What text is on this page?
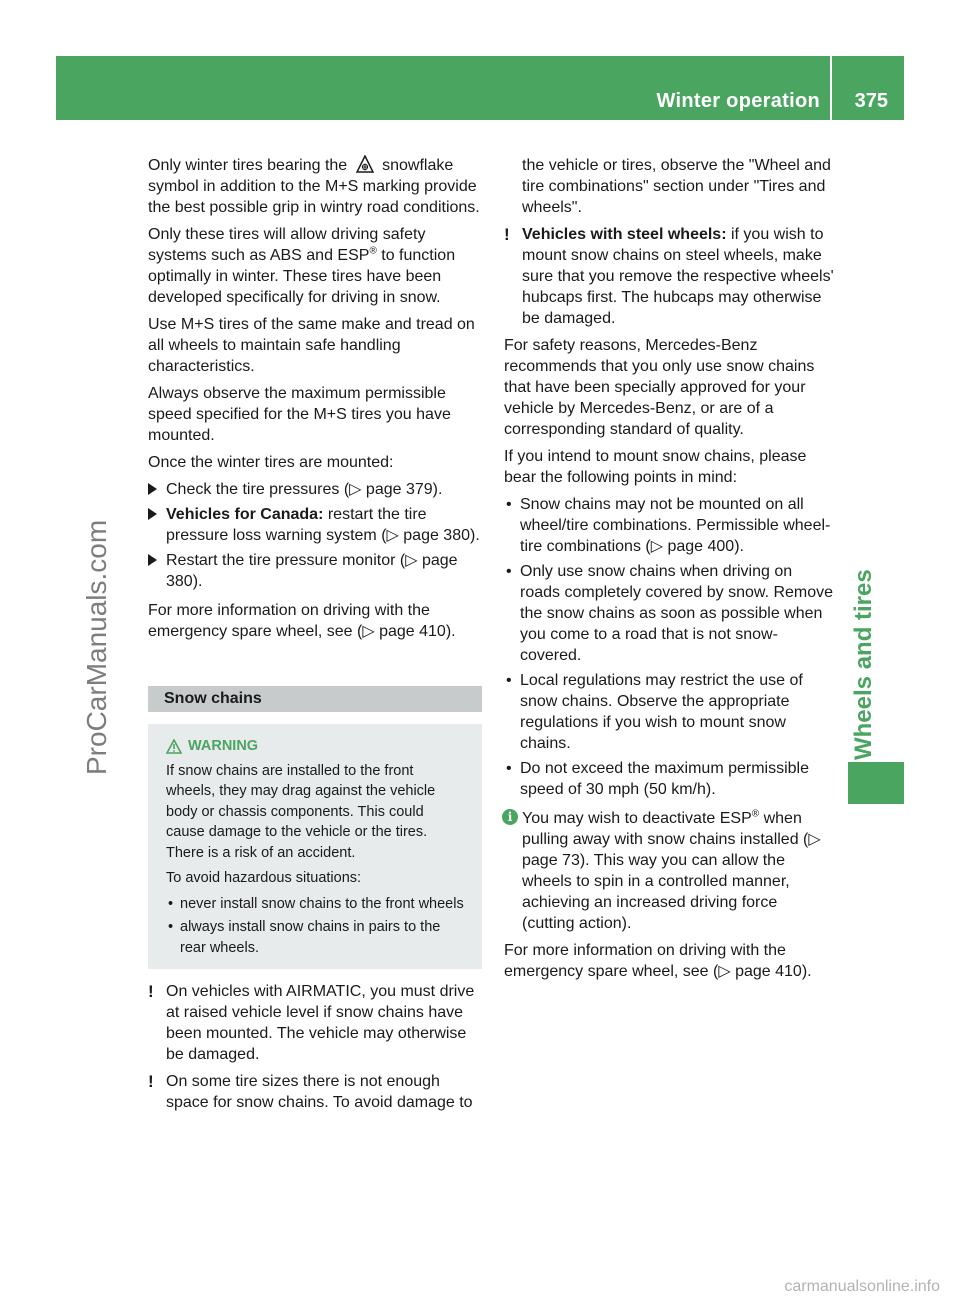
Winter operation 375
Wheels and tires
ProCarManuals.com

Only winter tires bearing the snowflake symbol in addition to the M+S marking provide the best possible grip in wintry road conditions.

Only these tires will allow driving safety systems such as ABS and ESP® to function optimally in winter. These tires have been developed specifically for driving in snow.

Use M+S tires of the same make and tread on all wheels to maintain safe handling characteristics.

Always observe the maximum permissible speed specified for the M+S tires you have mounted.

Once the winter tires are mounted:

Check the tire pressures (▷ page 379).
Vehicles for Canada: restart the tire pressure loss warning system (▷ page 380).
Restart the tire pressure monitor (▷ page 380).

For more information on driving with the emergency spare wheel, see (▷ page 410).

Snow chains
WARNING

If snow chains are installed to the front wheels, they may drag against the vehicle body or chassis components. This could cause damage to the vehicle or the tires. There is a risk of an accident.

To avoid hazardous situations:

• never install snow chains to the front wheels
• always install snow chains in pairs to the rear wheels.
! On vehicles with AIRMATIC, you must drive at raised vehicle level if snow chains have been mounted. The vehicle may otherwise be damaged.
! On some tire sizes there is not enough space for snow chains. To avoid damage to

the vehicle or tires, observe the "Wheel and tire combinations" section under "Tires and wheels".

! Vehicles with steel wheels: if you wish to mount snow chains on steel wheels, make sure that you remove the respective wheels' hubcaps first. The hubcaps may otherwise be damaged.

For safety reasons, Mercedes-Benz recommends that you only use snow chains that have been specially approved for your vehicle by Mercedes-Benz, or are of a corresponding standard of quality.

If you intend to mount snow chains, please bear the following points in mind:

• Snow chains may not be mounted on all wheel/tire combinations. Permissible wheel-tire combinations (▷ page 400).
• Only use snow chains when driving on roads completely covered by snow. Remove the snow chains as soon as possible when you come to a road that is not snow-covered.
• Local regulations may restrict the use of snow chains. Observe the appropriate regulations if you wish to mount snow chains.
• Do not exceed the maximum permissible speed of 30 mph (50 km/h).
i You may wish to deactivate ESP® when pulling away with snow chains installed (▷ page 73). This way you can allow the wheels to spin in a controlled manner, achieving an increased driving force (cutting action).

For more information on driving with the emergency spare wheel, see (▷ page 410).

carmanualsonline.info
